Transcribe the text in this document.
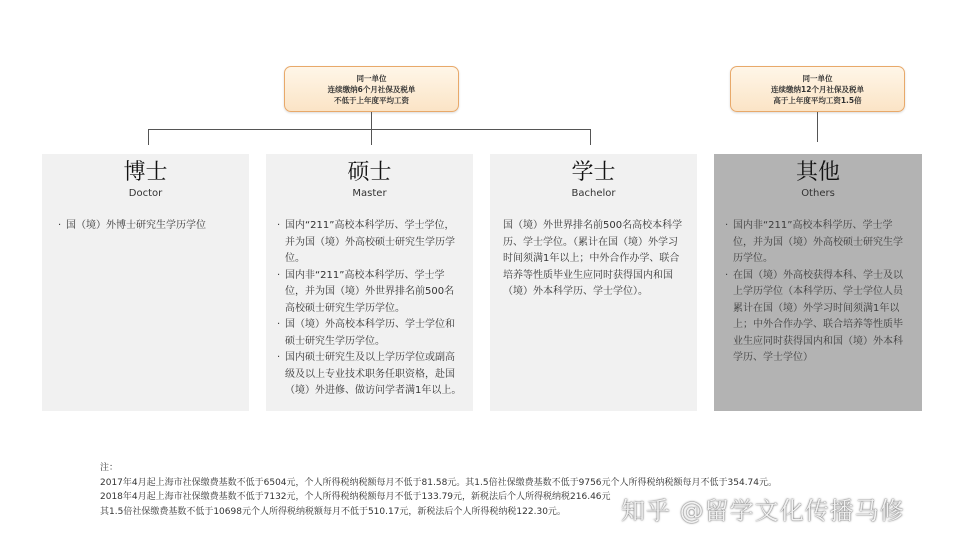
同一单位
连续缴纳6个月社保及税单
不低于上年度平均工资
同一单位
连续缴纳12个月社保及税单
高于上年度平均工资1.5倍
博士
Doctor
· 国（境）外博士研究生学历学位
硕士
Master
· 国内“211”高校本科学历、学士学位，并为国（境）外高校硕士研究生学历学位。
· 国内非“211”高校本科学历、学士学位，并为国（境）外世界排名前500名高校硕士研究生学历学位。
· 国（境）外高校本科学历、学士学位和硕士研究生学历学位。
· 国内硕士研究生及以上学历学位或副高级及以上专业技术职务任职资格，赴国（境）外进修、做访问学者满1年以上。
学士
Bachelor
国（境）外世界排名前500名高校本科学历、学士学位。（累计在国（境）外学习时间须满1年以上；中外合作办学、联合培养等性质毕业生应同时获得国内和国（境）外本科学历、学士学位）。
其他
Others
· 国内非“211”高校本科学历、学士学位，并为国（境）外高校硕士研究生学历学位。
· 在国（境）外高校获得本科、学士及以上学历学位（本科学历、学士学位人员累计在国（境）外学习时间须满1年以上；中外合作办学、联合培养等性质毕业生应同时获得国内和国（境）外本科学历、学士学位）
注：
2017年4月起上海市社保缴费基数不低于6504元，个人所得税纳税额每月不低于81.58元。其1.5倍社保缴费基数不低于9756元个人所得税纳税额每月不低于354.74元。
2018年4月起上海市社保缴费基数不低于7132元，个人所得税纳税额每月不低于133.79元，新税法后个人所得税纳税216.46元
其1.5倍社保缴费基数不低于10698元个人所得税纳税额每月不低于510.17元，新税法后个人所得税纳税122.30元。	知乎 @留学文化传播马修
